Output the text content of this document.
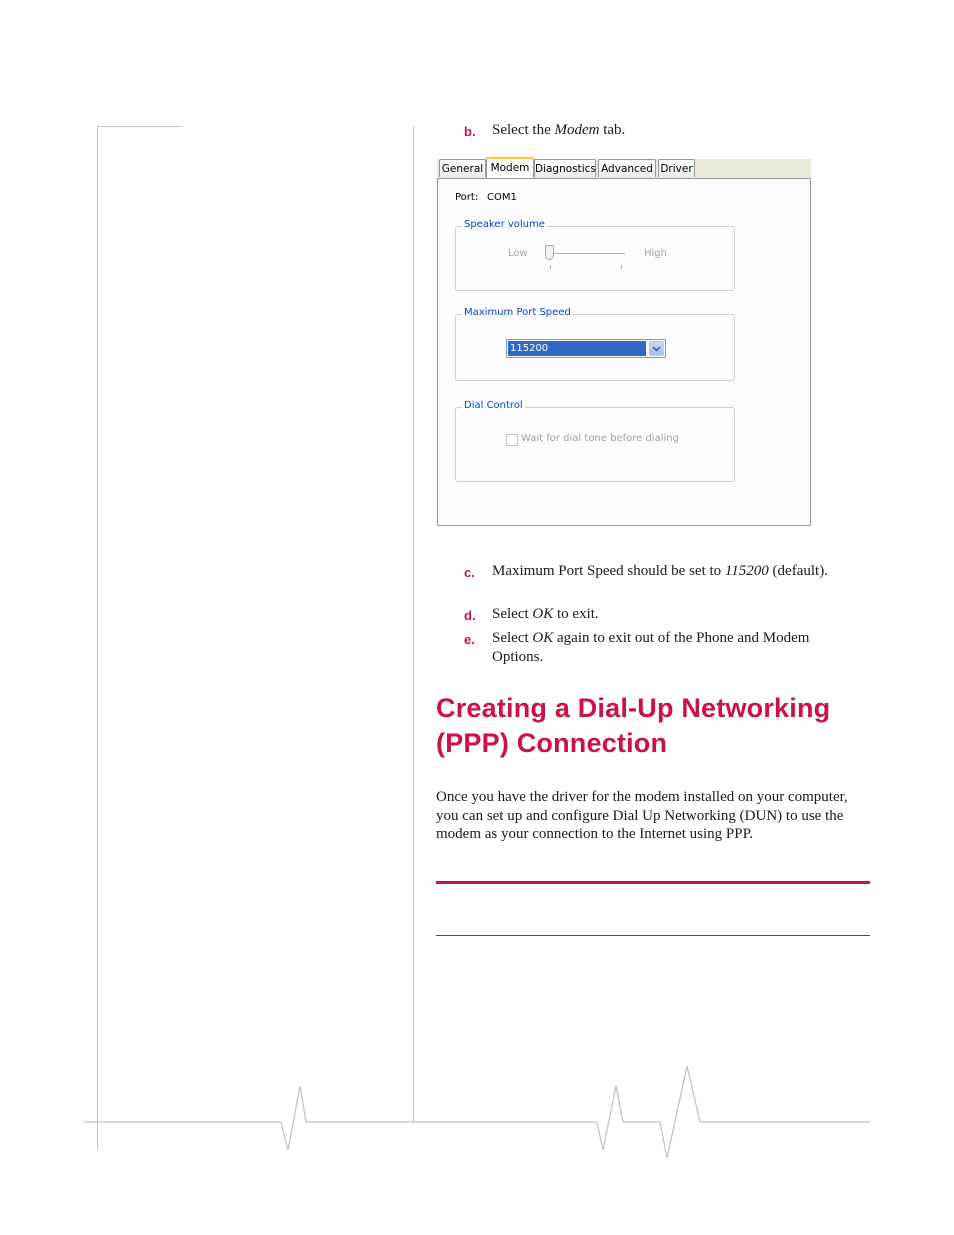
b. Select the Modem tab.
General	Diagnostics Advanced Driver
Modem
Port: COM1
Speaker volume
Low	High
Maximum Port Speed
115200
Dial Control
Wait for dial tone before dialing
c. Maximum Port Speed should be set to 115200 (default).
d. Select OK to exit.
e. Select OK again to exit out of the Phone and Modem Options.
Creating a Dial-Up Networking
(PPP) Connection
Once you have the driver for the modem installed on your computer, you can set up and configure Dial Up Networking (DUN) to use the modem as your connection to the Internet using PPP.
